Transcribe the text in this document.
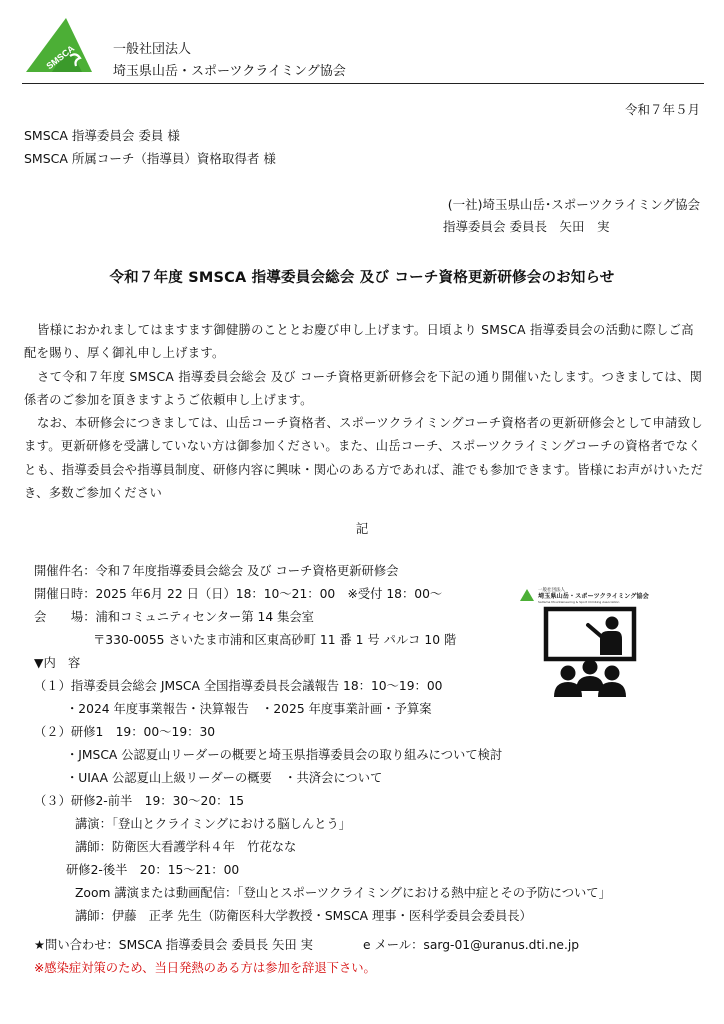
SMSCA	一般社団法人
埼玉県山岳・スポーツクライミング協会
令和７年５月
SMSCA 指導委員会 委員 様
SMSCA 所属コーチ（指導員）資格取得者 様
(一社)埼玉県山岳･スポーツクライミング協会
指導委員会 委員長　矢田　実
令和７年度 SMSCA 指導委員会総会 及び コーチ資格更新研修会のお知らせ

皆様におかれましてはますます御健勝のこととお慶び申し上げます。日頃より SMSCA 指導委員会の活動に際しご高配を賜り、厚く御礼申し上げます。

さて令和７年度 SMSCA 指導委員会総会 及び コーチ資格更新研修会を下記の通り開催いたします。つきましては、関係者のご参加を頂きますようご依頼申し上げます。

なお、本研修会につきましては、山岳コーチ資格者、スポーツクライミングコーチ資格者の更新研修会として申請致します。更新研修を受講していない方は御参加ください。また、山岳コーチ、スポーツクライミングコーチの資格者でなくとも、指導委員会や指導員制度、研修内容に興味・関心のある方であれば、誰でも参加できます。皆様にお声がけいただき、多数ご参加ください

記
開催件名：令和７年度指導委員会総会 及び コーチ資格更新研修会
開催日時：2025 年6月 22 日（日）18：10～21：00　※受付 18：00～
会　　場：浦和コミュニティセンター第 14 集会室
〒330-0055 さいたま市浦和区東高砂町 11 番 1 号 パルコ 10 階
▼内　容
（１）指導委員会総会 JMSCA 全国指導委員長会議報告 18：10～19：00
・2024 年度事業報告・決算報告　・2025 年度事業計画・予算案
（２）研修1　19：00～19：30
・JMSCA 公認夏山リーダーの概要と埼玉県指導委員会の取り組みについて検討
・UIAA 公認夏山上級リーダーの概要　・共済会について
（３）研修2-前半　19：30～20：15
講演：「登山とクライミングにおける脳しんとう」
講師：防衛医大看護学科４年　竹花なな
研修2-後半　20：15～21：00
Zoom 講演または動画配信：「登山とスポーツクライミングにおける熱中症とその予防について」
講師：伊藤　正孝 先生（防衛医科大学教授・SMSCA 理事・医科学委員会委員長）
一般社団法人
埼玉県山岳・スポーツクライミング協会
Saitama Mountaineering & Sport Climbing Association
★問い合わせ：SMSCA 指導委員会 委員長 矢田 実	e メール：sarg-01@uranus.dti.ne.jp
※感染症対策のため、当日発熱のある方は参加を辞退下さい。
